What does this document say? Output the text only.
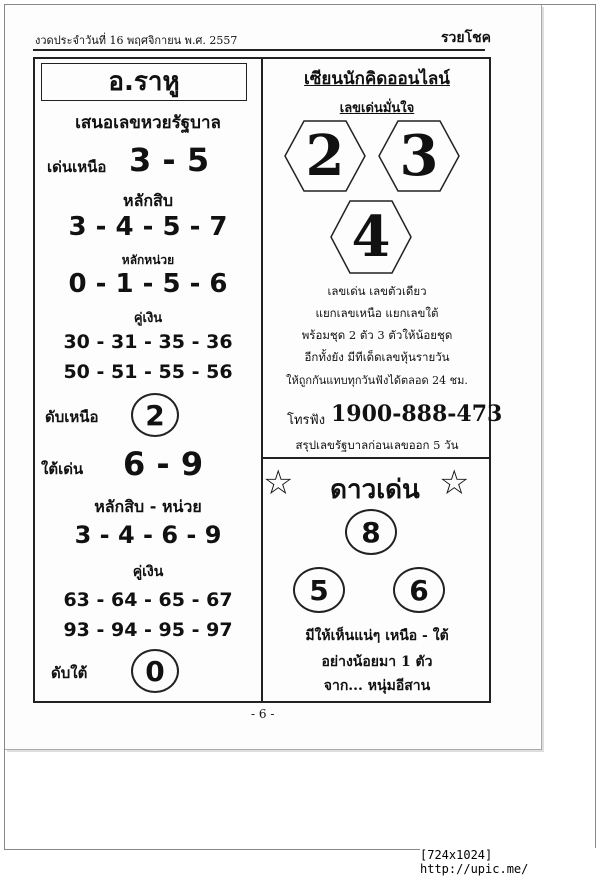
งวดประจำวันที่ 16 พฤศจิกายน พ.ศ. 2557	รวยโชค
อ.ราหู
เสนอเลขหวยรัฐบาล
เด่นเหนือ 3 - 5
หลักสิบ
3 - 4 - 5 - 7
หลักหน่วย
0 - 1 - 5 - 6
คู่เงิน
30 - 31 - 35 - 36
50 - 51 - 55 - 56
ดับเหนือ	2
ใต้เด่น 6 - 9
หลักสิบ - หน่วย
3 - 4 - 6 - 9
คู่เงิน
63 - 64 - 65 - 67
93 - 94 - 95 - 97
ดับใต้	0
เซียนนักคิดออนไลน์
เลขเด่นมั่นใจ
2 3
4
เลขเด่น เลขตัวเดียว
แยกเลขเหนือ แยกเลขใต้
พร้อมชุด 2 ตัว 3 ตัวให้น้อยชุด
อีกทั้งยัง มีทีเด็ดเลขหุ้นรายวัน
ให้ถูกกันแทบทุกวันฟังได้ตลอด 24 ชม.
โทรฟัง 1900-888-473
สรุปเลขรัฐบาลก่อนเลขออก 5 วัน
☆	ดาวเด่น ☆
8
5	6
มีให้เห็นแน่ๆ เหนือ - ใต้
อย่างน้อยมา 1 ตัว
จาก... หนุ่มอีสาน
- 6 -
[724x1024] http://upic.me/
